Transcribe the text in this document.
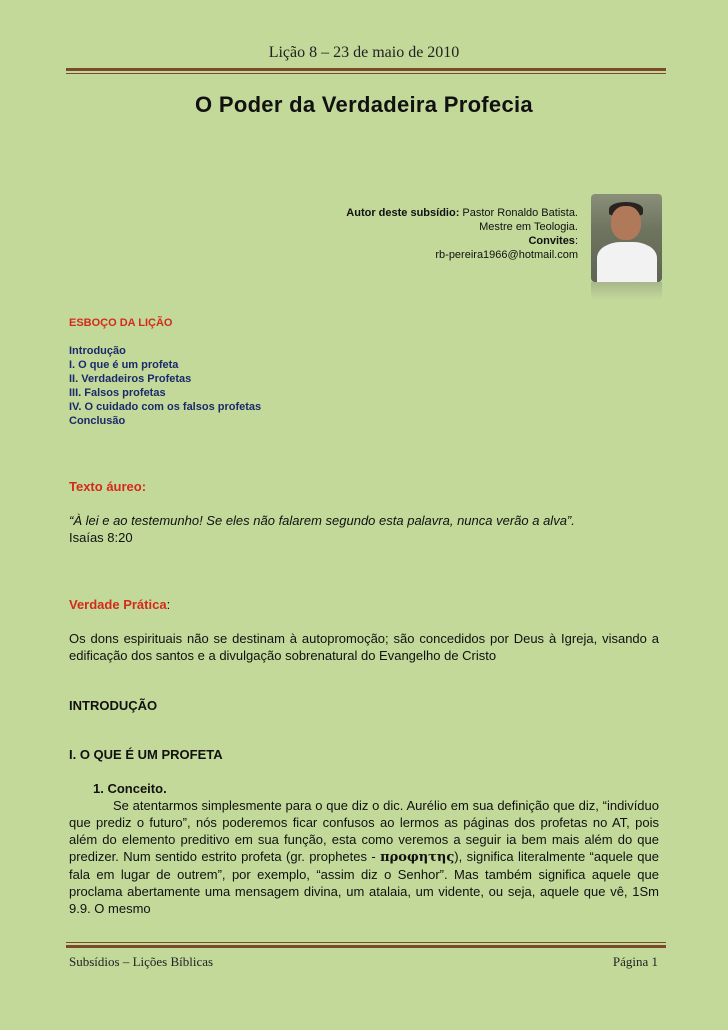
Lição 8 – 23 de maio de 2010
O Poder da Verdadeira Profecia
Autor deste subsídio: Pastor Ronaldo Batista.
Mestre em Teologia.
Convites:
rb-pereira1966@hotmail.com
ESBOÇO DA LIÇÃO
Introdução
I. O que é um profeta
II. Verdadeiros Profetas
III. Falsos profetas
IV. O cuidado com os falsos profetas
Conclusão
Texto áureo:
“À lei e ao testemunho! Se eles não falarem segundo esta palavra, nunca verão a alva”.
Isaías 8:20
Verdade Prática:
Os dons espirituais não se destinam à autopromoção; são concedidos por Deus à Igreja, visando a edificação dos santos e a divulgação sobrenatural do Evangelho de Cristo
INTRODUÇÃO
I. O QUE É UM PROFETA
1. Conceito.
Se atentarmos simplesmente para o que diz o dic. Aurélio em sua definição que diz, “indivíduo que prediz o futuro”, nós poderemos ficar confusos ao lermos as páginas dos profetas no AT, pois além do elemento preditivo em sua função, esta como veremos a seguir ia bem mais além do que predizer. Num sentido estrito profeta (gr. prophetes - προφητης), significa literalmente “aquele que fala em lugar de outrem”, por exemplo, “assim diz o Senhor”. Mas também significa aquele que proclama abertamente uma mensagem divina, um atalaia, um vidente, ou seja, aquele que vê, 1Sm 9.9. O mesmo
Subsídios – Lições Bíblicas	Página 1
